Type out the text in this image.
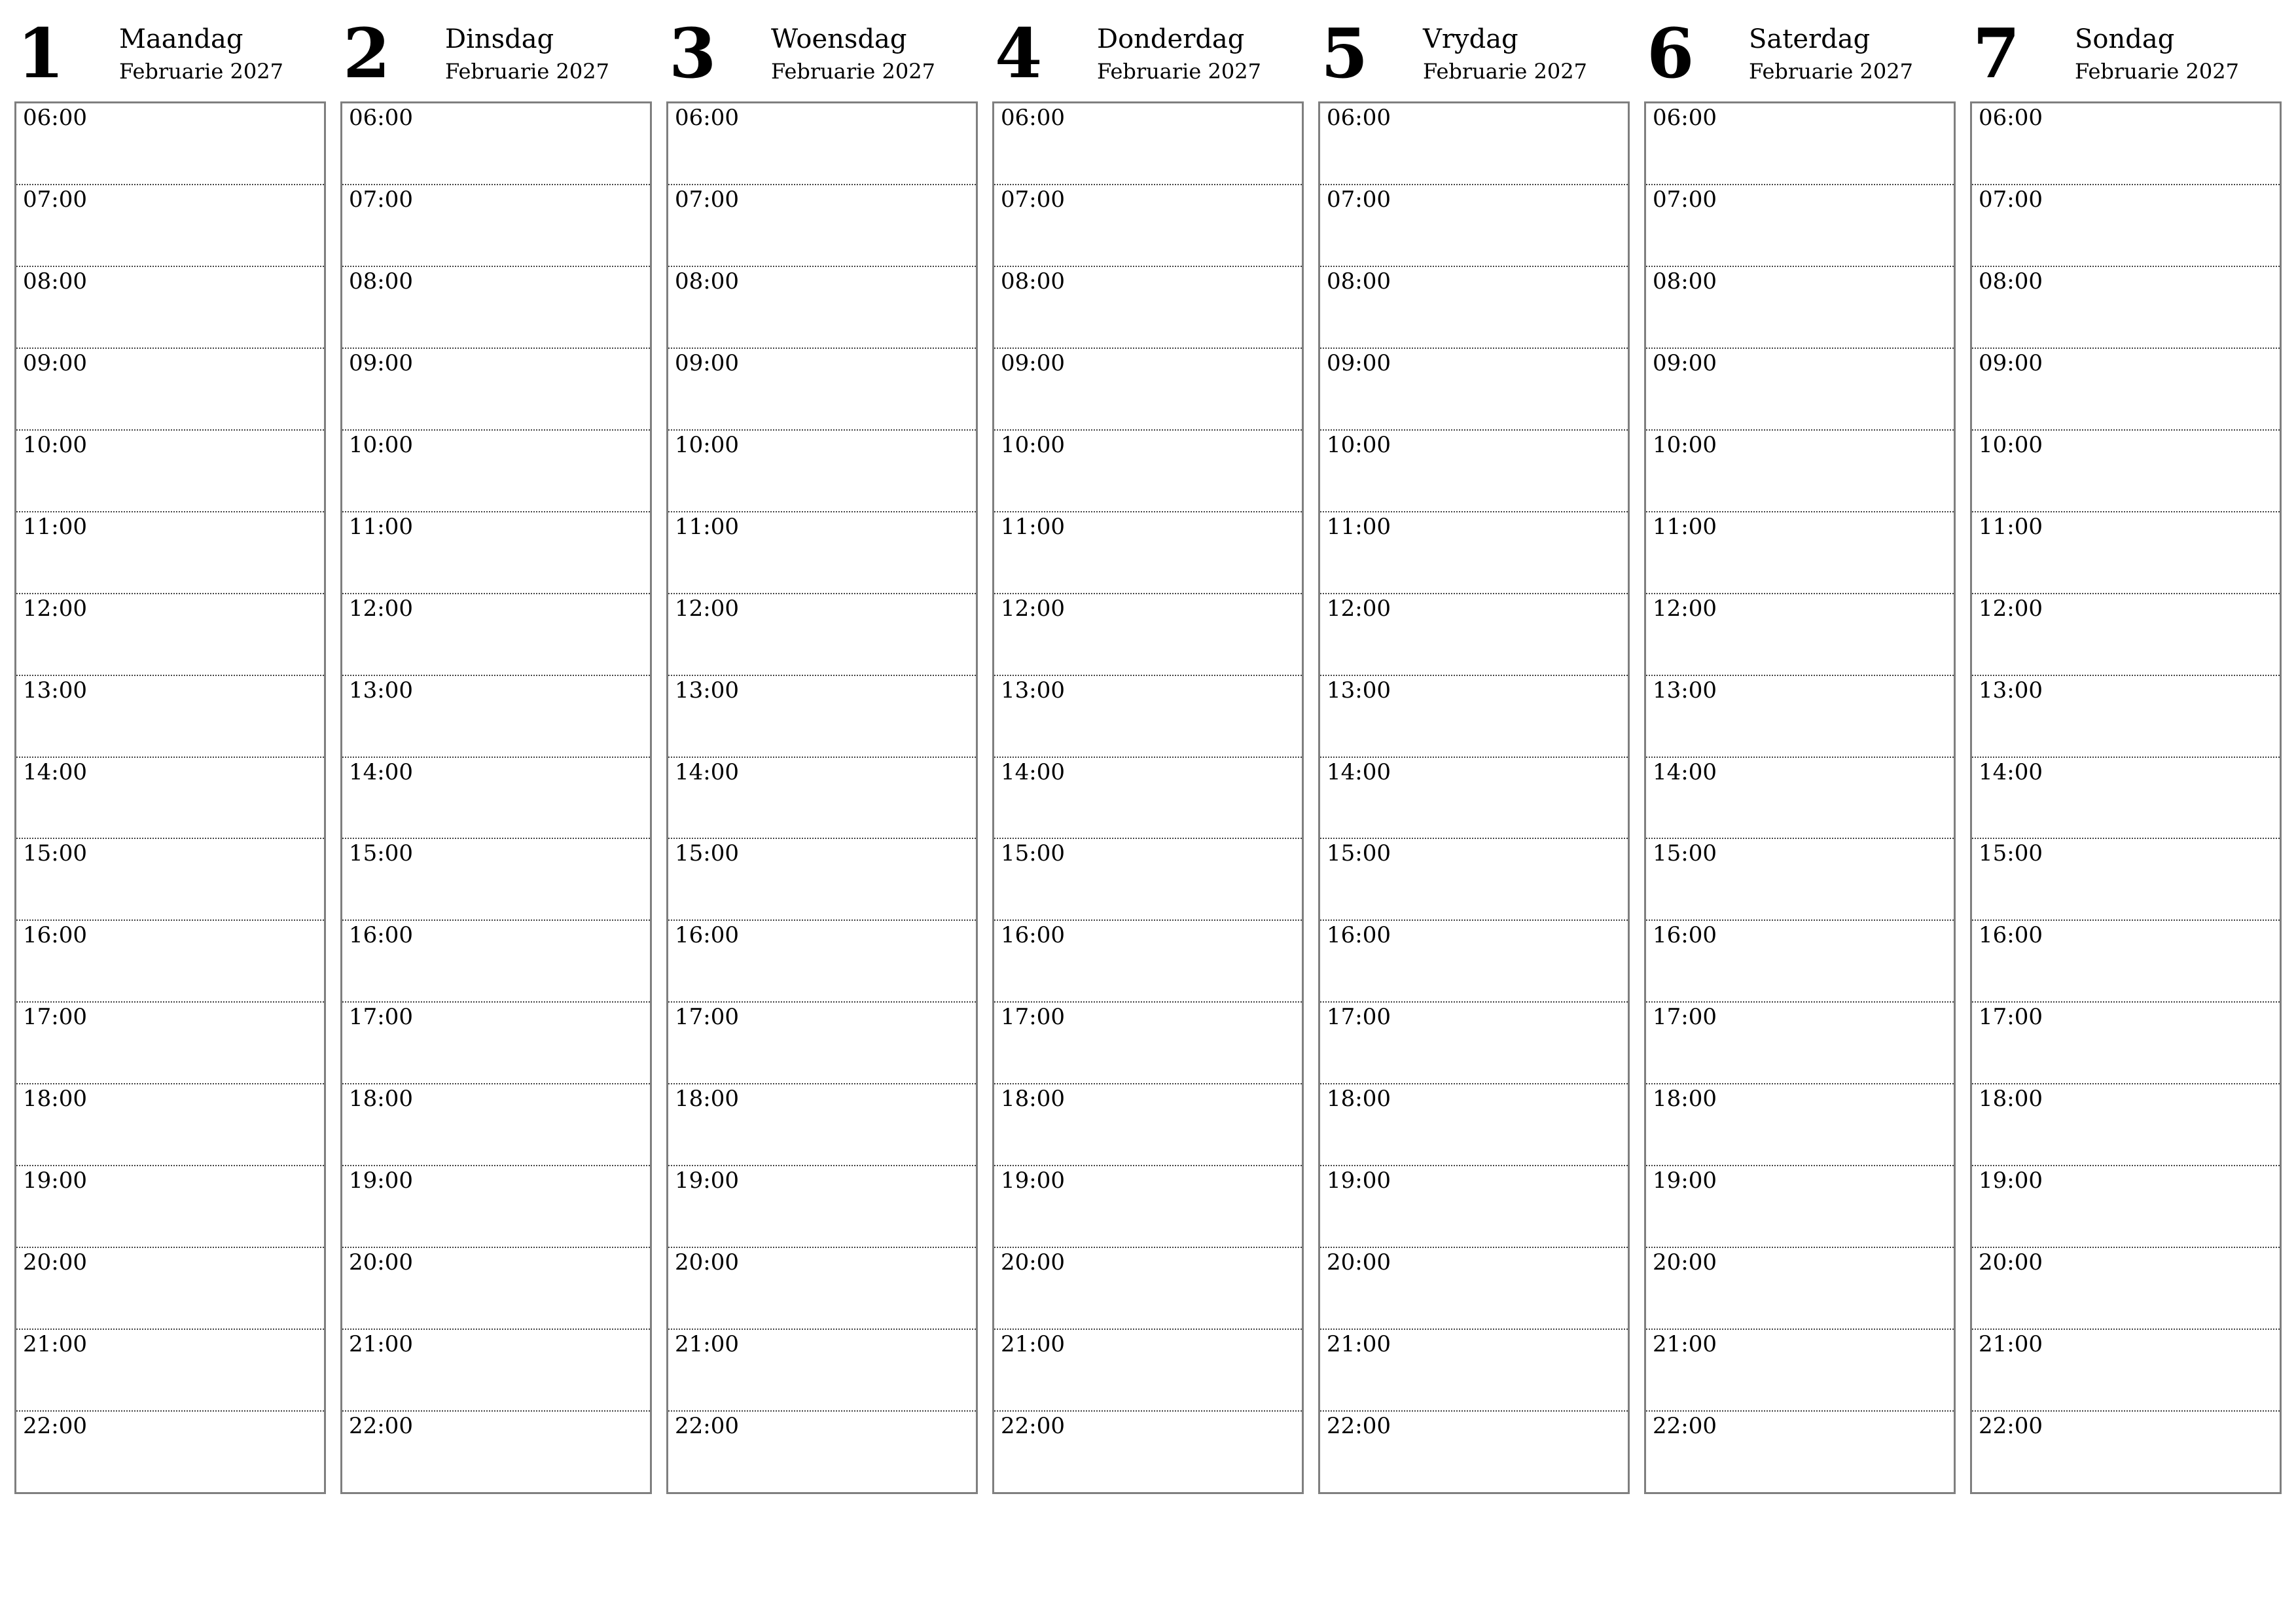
1 Maandag
Februarie 2027
06:00
07:00
08:00
09:00
10:00
11:00
12:00
13:00
14:00
15:00
16:00
17:00
18:00
19:00
20:00
21:00
22:00
2 Dinsdag
Februarie 2027
06:00
07:00
08:00
09:00
10:00
11:00
12:00
13:00
14:00
15:00
16:00
17:00
18:00
19:00
20:00
21:00
22:00
3 Woensdag
Februarie 2027
06:00
07:00
08:00
09:00
10:00
11:00
12:00
13:00
14:00
15:00
16:00
17:00
18:00
19:00
20:00
21:00
22:00
4 Donderdag
Februarie 2027
06:00
07:00
08:00
09:00
10:00
11:00
12:00
13:00
14:00
15:00
16:00
17:00
18:00
19:00
20:00
21:00
22:00
5 Vrydag
Februarie 2027
06:00
07:00
08:00
09:00
10:00
11:00
12:00
13:00
14:00
15:00
16:00
17:00
18:00
19:00
20:00
21:00
22:00
6 Saterdag
Februarie 2027
06:00
07:00
08:00
09:00
10:00
11:00
12:00
13:00
14:00
15:00
16:00
17:00
18:00
19:00
20:00
21:00
22:00
7 Sondag
Februarie 2027
06:00
07:00
08:00
09:00
10:00
11:00
12:00
13:00
14:00
15:00
16:00
17:00
18:00
19:00
20:00
21:00
22:00
